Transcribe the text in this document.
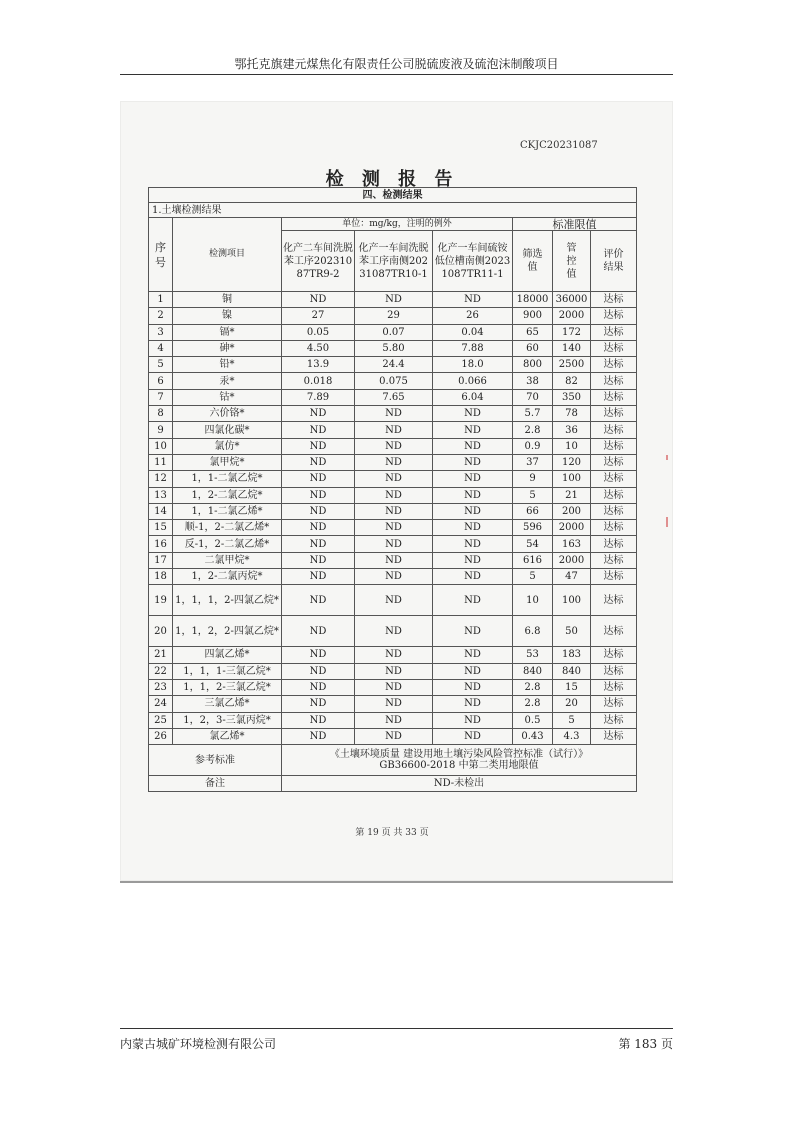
鄂托克旗建元煤焦化有限责任公司脱硫废液及硫泡沫制酸项目
CKJC20231087
检 测 报 告
四、检测结果							
1.土壤检测结果							
序号	检测项目	单位：mg/kg，注明的例外			标准限值		

		化产二车间洗脱苯工序20231087TR9-2	化产一车间洗脱苯工序南侧20231087TR10-1	化产一车间硫铵低位槽南侧20231087TR11-1	筛选值	管控值	评价结果

1	铜	ND	ND	ND	18000	36000	达标
2	镍	27	29	26	900	2000	达标
3	镉*	0.05	0.07	0.04	65	172	达标
4	砷*	4.50	5.80	7.88	60	140	达标
5	铅*	13.9	24.4	18.0	800	2500	达标
6	汞*	0.018	0.075	0.066	38	82	达标
7	钴*	7.89	7.65	6.04	70	350	达标
8	六价铬*	ND	ND	ND	5.7	78	达标
9	四氯化碳*	ND	ND	ND	2.8	36	达标
10	氯仿*	ND	ND	ND	0.9	10	达标
11	氯甲烷*	ND	ND	ND	37	120	达标
12	1，1-二氯乙烷*	ND	ND	ND	9	100	达标
13	1，2-二氯乙烷*	ND	ND	ND	5	21	达标
14	1，1-二氯乙烯*	ND	ND	ND	66	200	达标
15	顺-1，2-二氯乙烯*	ND	ND	ND	596	2000	达标
16	反-1，2-二氯乙烯*	ND	ND	ND	54	163	达标
17	二氯甲烷*	ND	ND	ND	616	2000	达标
18	1，2-二氯丙烷*	ND	ND	ND	5	47	达标
19	1，1，1，2-四氯乙烷*	ND	ND	ND	10	100	达标
20	1，1，2，2-四氯乙烷*	ND	ND	ND	6.8	50	达标
21	四氯乙烯*	ND	ND	ND	53	183	达标
22	1，1，1-三氯乙烷*	ND	ND	ND	840	840	达标
23	1，1，2-三氯乙烷*	ND	ND	ND	2.8	15	达标
24	三氯乙烯*	ND	ND	ND	2.8	20	达标
25	1，2，3-三氯丙烷*	ND	ND	ND	0.5	5	达标
26	氯乙烯*	ND	ND	ND	0.43	4.3	达标
参考标准		《土壤环境质量 建设用地土壤污染风险管控标准（试行）》
GB36600-2018 中第二类用地限值					

备注		ND-未检出					
第 19 页 共 33 页
内蒙古城矿环境检测有限公司	第 183 页
